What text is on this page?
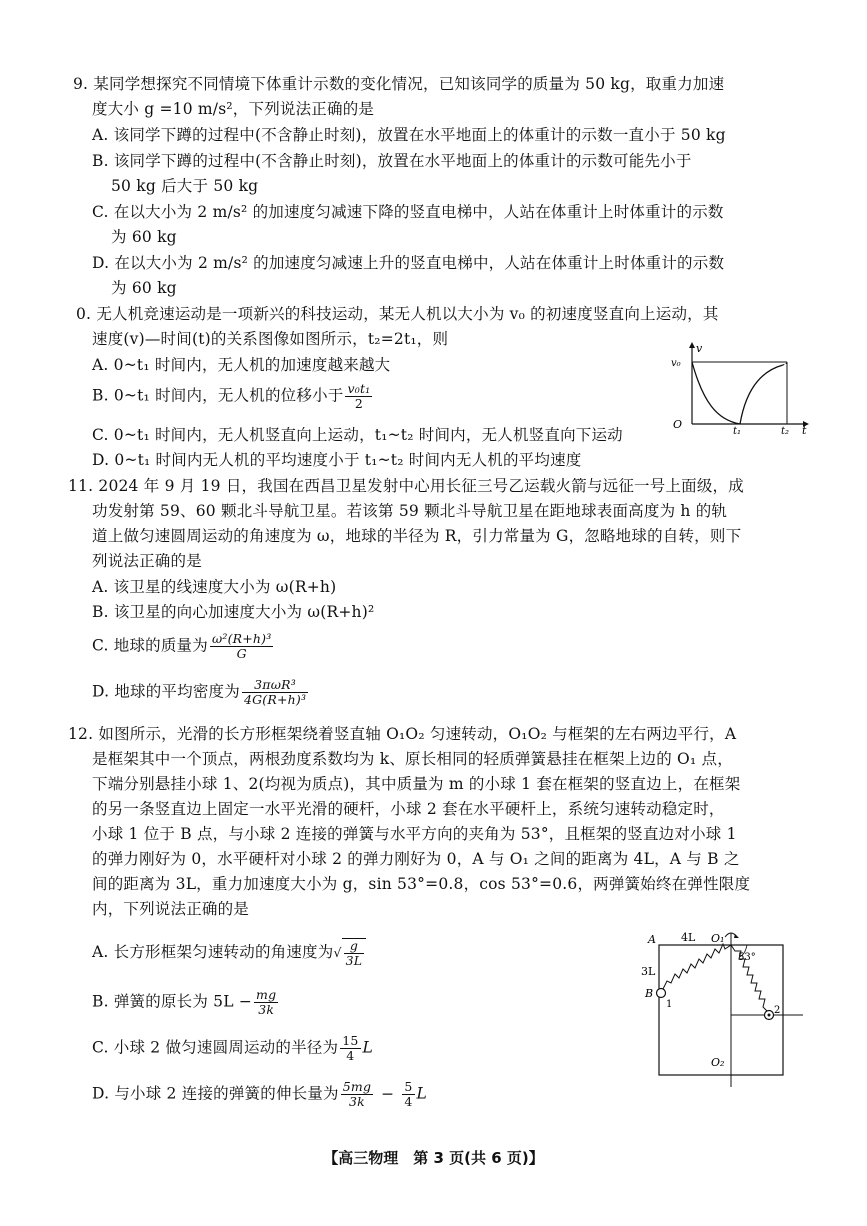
9. 某同学想探究不同情境下体重计示数的变化情况，已知该同学的质量为 50 kg，取重力加速
度大小 g =10 m/s²，下列说法正确的是
A. 该同学下蹲的过程中(不含静止时刻)，放置在水平地面上的体重计的示数一直小于 50 kg
B. 该同学下蹲的过程中(不含静止时刻)，放置在水平地面上的体重计的示数可能先小于
50 kg 后大于 50 kg
C. 在以大小为 2 m/s² 的加速度匀减速下降的竖直电梯中，人站在体重计上时体重计的示数
为 60 kg
D. 在以大小为 2 m/s² 的加速度匀减速上升的竖直电梯中，人站在体重计上时体重计的示数
为 60 kg
0. 无人机竞速运动是一项新兴的科技运动，某无人机以大小为 v₀ 的初速度竖直向上运动，其
速度(v)—时间(t)的关系图像如图所示，t₂=2t₁，则
A. 0~t₁ 时间内，无人机的加速度越来越大
B. 0~t₁ 时间内，无人机的位移小于 $\frac{\text{v₀t₁}}{2}$
C. 0~t₁ 时间内，无人机竖直向上运动，t₁~t₂ 时间内，无人机竖直向下运动
D. 0~t₁ 时间内无人机的平均速度小于 t₁~t₂ 时间内无人机的平均速度
v
v₀
O
t₁	t₂ t
11. 2024 年 9 月 19 日，我国在西昌卫星发射中心用长征三号乙运载火箭与远征一号上面级，成
功发射第 59、60 颗北斗导航卫星。若该第 59 颗北斗导航卫星在距地球表面高度为 h 的轨
道上做匀速圆周运动的角速度为 ω，地球的半径为 R，引力常量为 G，忽略地球的自转，则下
列说法正确的是
A. 该卫星的线速度大小为 ω(R+h)
B. 该卫星的向心加速度大小为 ω(R+h)²
C. 地球的质量为 $\frac{\text{ω²(R+h)³}}{G}$
D. 地球的平均密度为 $\frac{\text{3πωR³}}{\text{4G(R+h)³}}$
12. 如图所示，光滑的长方形框架绕着竖直轴 O₁O₂ 匀速转动，O₁O₂ 与框架的左右两边平行，A
是框架其中一个顶点，两根劲度系数均为 k、原长相同的轻质弹簧悬挂在框架上边的 O₁ 点，
下端分别悬挂小球 1、2(均视为质点)，其中质量为 m 的小球 1 套在框架的竖直边上，在框架
的另一条竖直边上固定一水平光滑的硬杆，小球 2 套在水平硬杆上，系统匀速转动稳定时，
小球 1 位于 B 点，与小球 2 连接的弹簧与水平方向的夹角为 53°，且框架的竖直边对小球 1
的弹力刚好为 0，水平硬杆对小球 2 的弹力刚好为 0，A 与 O₁ 之间的距离为 4L，A 与 B 之
间的距离为 3L，重力加速度大小为 g，sin 53°=0.8，cos 53°=0.6，两弹簧始终在弹性限度
内，下列说法正确的是
A. 长方形框架匀速转动的角速度为√ $\frac{g}{3L}$
B. 弹簧的原长为 $5L - \frac{mg}{3k}$
C. 小球 2 做匀速圆周运动的半径为 $\frac{15}{4}$ L
D. 与小球 2 连接的弹簧的伸长量为 $\frac{5mg}{3k} - \frac{5}{4}$ L
A 4L O₁
53°
3L
B
1
2
O₂
【高三物理　第 3 页(共 6 页)】
